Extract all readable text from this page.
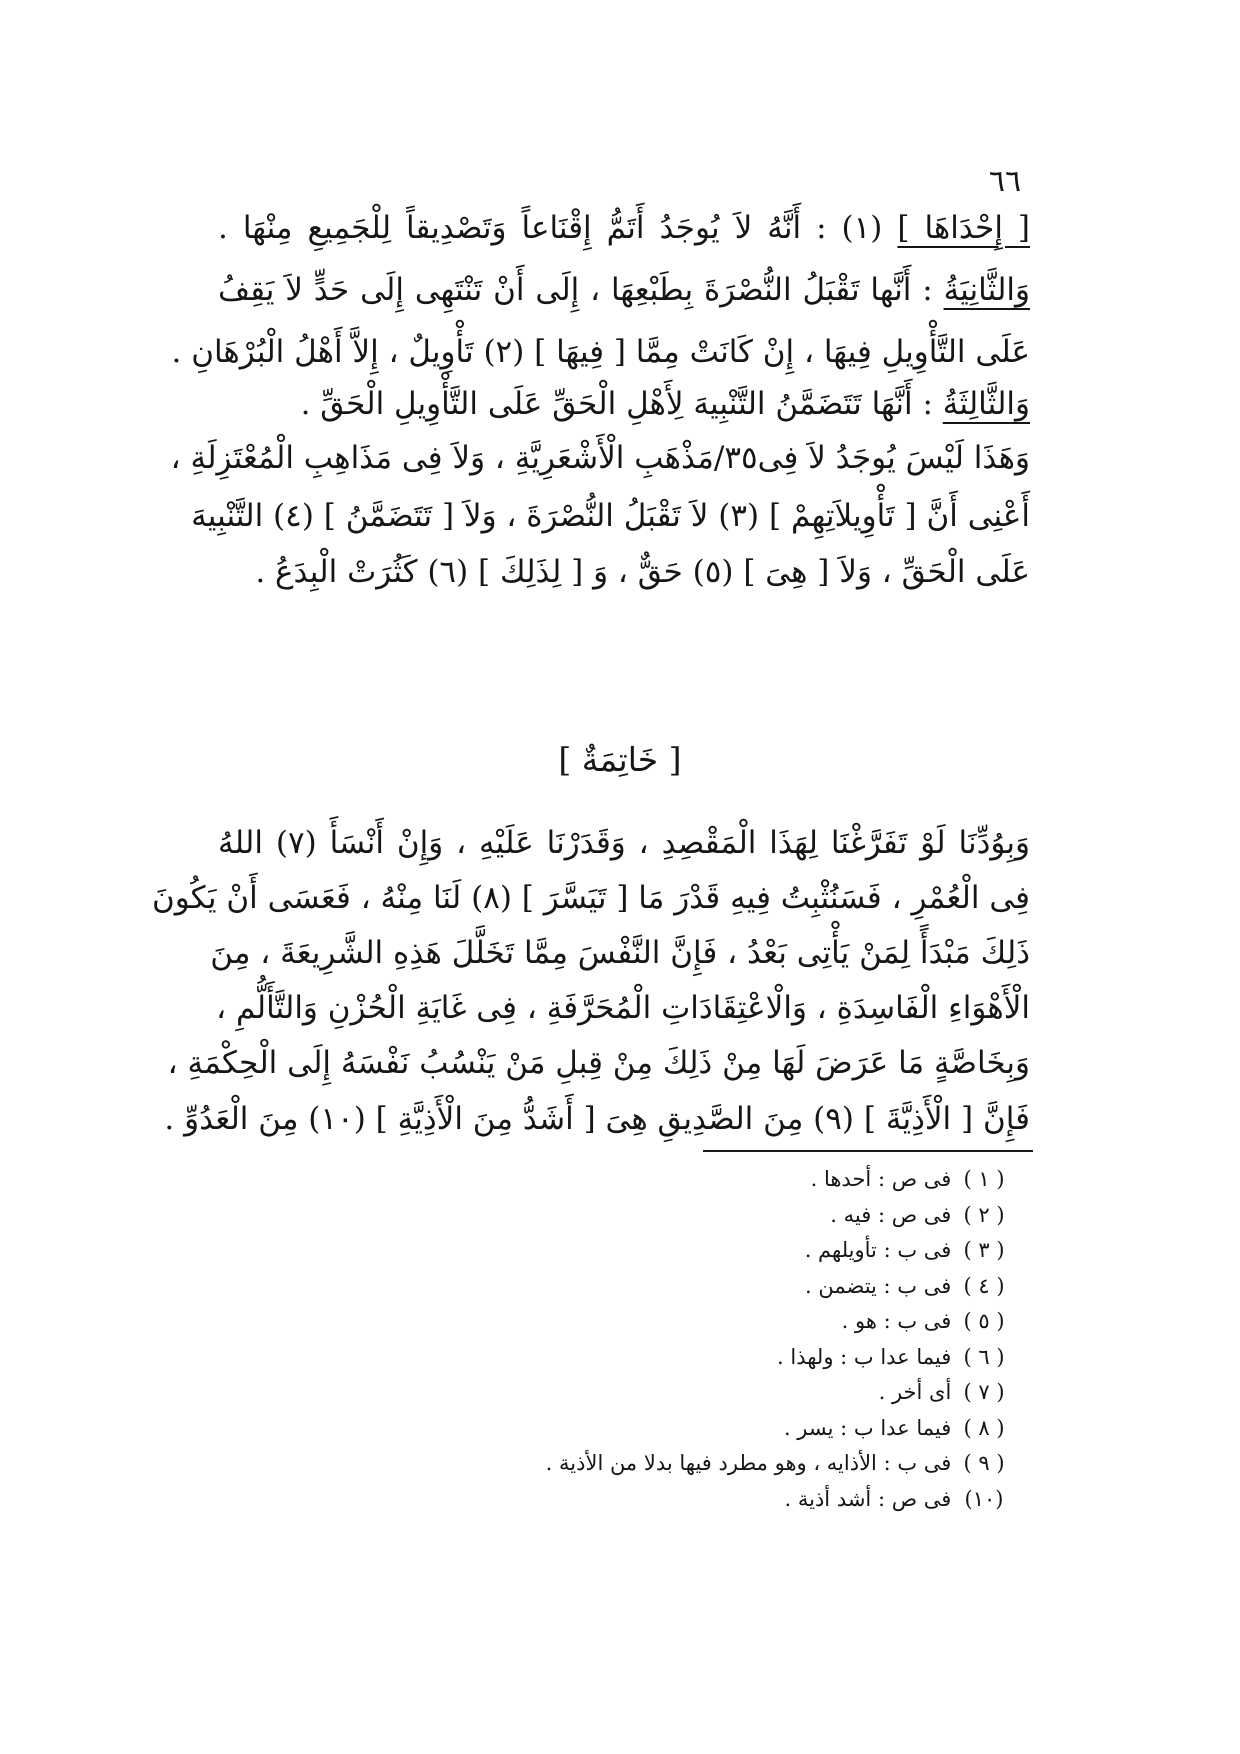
٦٦
[ إِحْدَاهَا ] (١) : أَنَّهُ لاَ يُوجَدُ أَتَمُّ إِقْنَاعاً وَتَصْدِيقاً لِلْجَمِيعِ مِنْهَا .
وَالثَّانِيَةُ : أَنَّها تَقْبَلُ النُّصْرَةَ بِطَبْعِهَا ، إِلَى أَنْ تَنْتَهِى إِلَى حَدٍّ لاَ يَقِفُ
عَلَى التَّأْوِيلِ فِيهَا ، إِنْ كَانَتْ مِمَّا [ فِيهَا ] (٢) تَأْوِيلٌ ، إِلاَّ أَهْلُ الْبُرْهَانِ .
وَالثَّالِثَةُ : أَنَّهَا تَتَضَمَّنُ التَّنْبِيهَ لِأَهْلِ الْحَقِّ عَلَى التَّأْوِيلِ الْحَقِّ .
وَهَذَا لَيْسَ يُوجَدُ لاَ فِى٣٥/مَذْهَبِ الْأَشْعَرِيَّةِ ، وَلاَ فِى مَذَاهِبِ الْمُعْتَزِلَةِ ،
أَعْنِى أَنَّ [ تَأْوِيلاَتِهِمْ ] (٣) لاَ تَقْبَلُ النُّصْرَةَ ، وَلاَ [ تَتَضَمَّنُ ] (٤) التَّنْبِيهَ
عَلَى الْحَقِّ ، وَلاَ [ هِىَ ] (٥) حَقٌّ ، وَ [ لِذَلِكَ ] (٦) كَثُرَتْ الْبِدَعُ .
[ خَاتِمَةٌ ]
وَبِوُدِّنَا لَوْ تَفَرَّغْنَا لِهَذَا الْمَقْصِدِ ، وَقَدَرْنَا عَلَيْهِ ، وَإِنْ أَنْسَأَ (٧) اللهُ
فِى الْعُمْرِ ، فَسَنُثْبِتُ فِيهِ قَدْرَ مَا [ تَيَسَّرَ ] (٨) لَنَا مِنْهُ ، فَعَسَى أَنْ يَكُونَ
ذَلِكَ مَبْدَأً لِمَنْ يَأْتِى بَعْدُ ، فَإِنَّ النَّفْسَ مِمَّا تَخَلَّلَ هَذِهِ الشَّرِيعَةَ ، مِنَ
الْأَهْوَاءِ الْفَاسِدَةِ ، وَالْاعْتِقَادَاتِ الْمُحَرَّفَةِ ، فِى غَايَةِ الْحُزْنِ وَالتَّأَلُّمِ ،
وَبِخَاصَّةٍ مَا عَرَضَ لَهَا مِنْ ذَلِكَ مِنْ قِبلِ مَنْ يَنْسُبُ نَفْسَهُ إِلَى الْحِكْمَةِ ،
فَإِنَّ [ الْأَذِيَّةَ ] (٩) مِنَ الصَّدِيقِ هِىَ [ أَشَدُّ مِنَ الْأَذِيَّةِ ] (١٠) مِنَ الْعَدُوِّ .
( ١ ) فى ص : أحدها .
( ٢ ) فى ص : فيه .
( ٣ ) فى ب : تأويلهم .
( ٤ ) فى ب : يتضمن .
( ٥ ) فى ب : هو .
( ٦ ) فيما عدا ب : ولهذا .
( ٧ ) أى أخر .
( ٨ ) فيما عدا ب : يسر .
( ٩ ) فى ب : الأذايه ، وهو مطرد فيها بدلا من الأذية .
(١٠) فى ص : أشد أذية .
